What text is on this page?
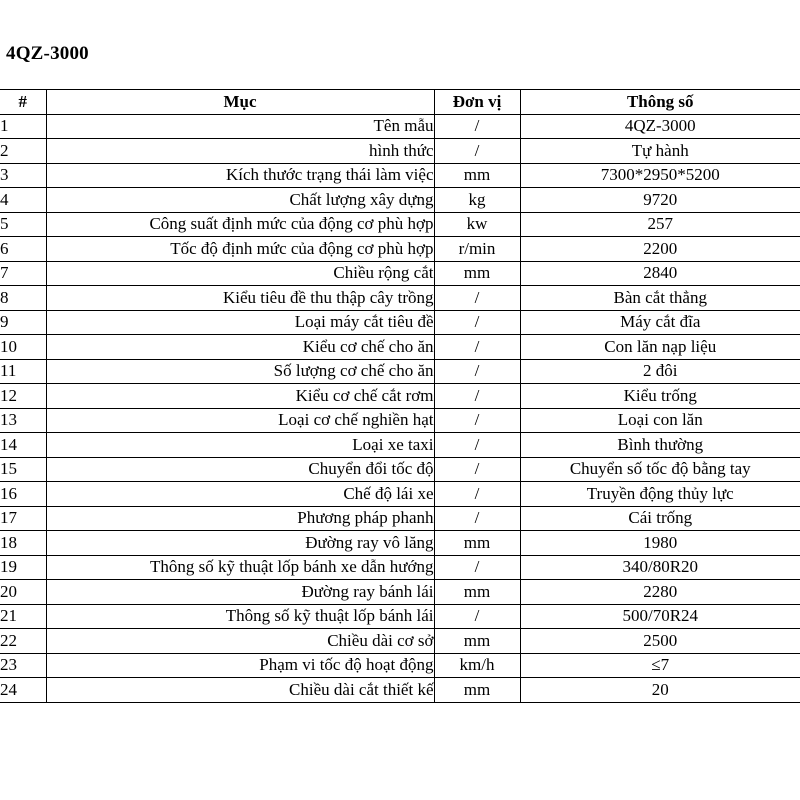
4QZ-3000
#	Mục	Đơn vị	Thông số
1	Tên mẫu	/	4QZ-3000
2	hình thức	/	Tự hành
3	Kích thước trạng thái làm việc	mm	7300*2950*5200
4	Chất lượng xây dựng	kg	9720
5	Công suất định mức của động cơ phù hợp	kw	257
6	Tốc độ định mức của động cơ phù hợp	r/min	2200
7	Chiều rộng cắt	mm	2840
8	Kiểu tiêu đề thu thập cây trồng	/	Bàn cắt thẳng
9	Loại máy cắt tiêu đề	/	Máy cắt đĩa
10	Kiểu cơ chế cho ăn	/	Con lăn nạp liệu
11	Số lượng cơ chế cho ăn	/	2 đôi
12	Kiểu cơ chế cắt rơm	/	Kiểu trống
13	Loại cơ chế nghiền hạt	/	Loại con lăn
14	Loại xe taxi	/	Bình thường
15	Chuyển đổi tốc độ	/	Chuyển số tốc độ bằng tay
16	Chế độ lái xe	/	Truyền động thủy lực
17	Phương pháp phanh	/	Cái trống
18	Đường ray vô lăng	mm	1980
19	Thông số kỹ thuật lốp bánh xe dẫn hướng	/	340/80R20
20	Đường ray bánh lái	mm	2280
21	Thông số kỹ thuật lốp bánh lái	/	500/70R24
22	Chiều dài cơ sở	mm	2500
23	Phạm vi tốc độ hoạt động	km/h	≤7
24	Chiều dài cắt thiết kế	mm	20
